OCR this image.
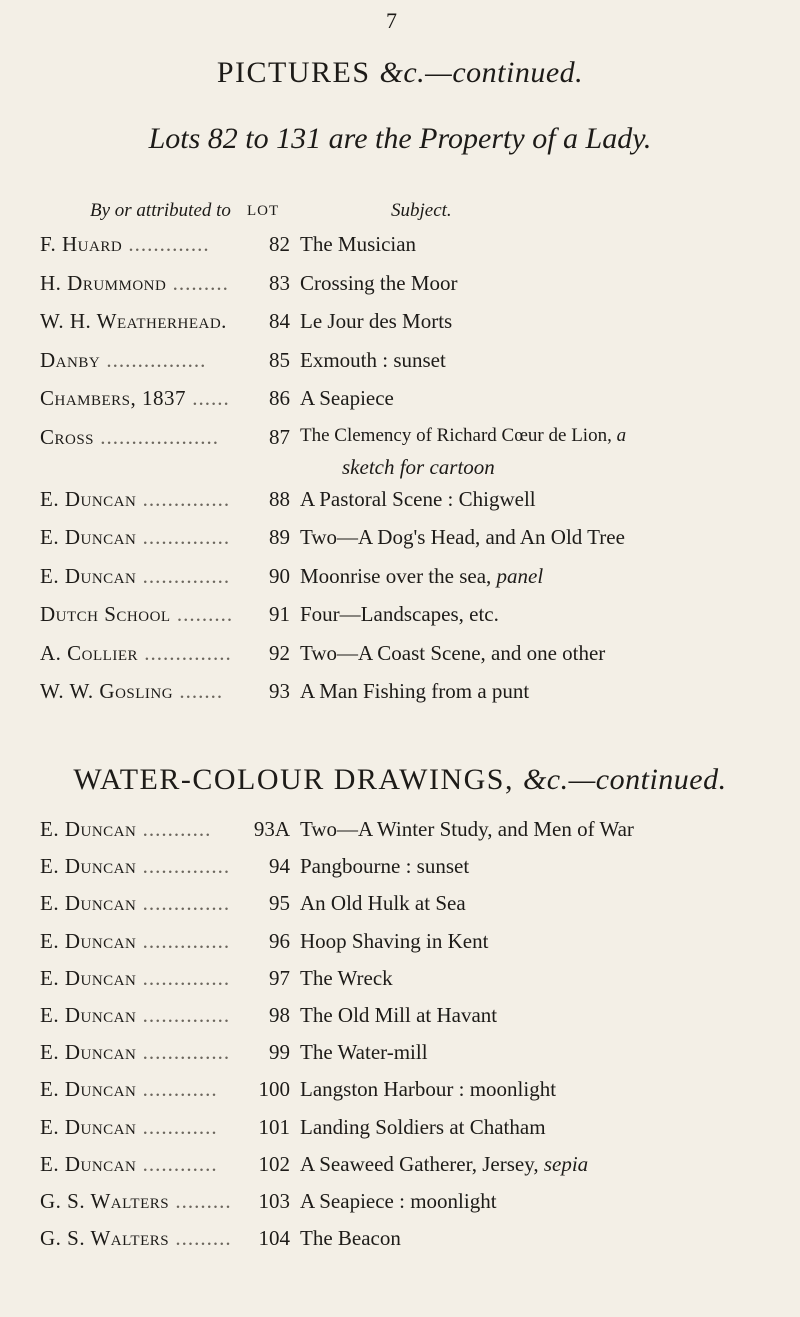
7
PICTURES &c.—continued.
Lots 82 to 131 are the Property of a Lady.
By or attributed to LOT	Subject.
F. Huard .............	82 The Musician
H. Drummond .........	83 Crossing the Moor
W. H. Weatherhead.	84 Le Jour des Morts
Danby ................	85 Exmouth : sunset
Chambers, 1837 ......	86 A Seapiece
Cross ...................	87 The Clemency of Richard Cœur de Lion, a
sketch for cartoon
E. Duncan ..............	88 A Pastoral Scene : Chigwell
E. Duncan ..............	89 Two—A Dog's Head, and An Old Tree
E. Duncan ..............	90 Moonrise over the sea, panel
Dutch School .........	91 Four—Landscapes, etc.
A. Collier ..............	92 Two—A Coast Scene, and one other
W. W. Gosling .......	93 A Man Fishing from a punt
WATER-COLOUR DRAWINGS, &c.—continued.
E. Duncan ........... 93A Two—A Winter Study, and Men of War
E. Duncan ..............	94 Pangbourne : sunset
E. Duncan ..............	95 An Old Hulk at Sea
E. Duncan ..............	96 Hoop Shaving in Kent
E. Duncan ..............	97 The Wreck
E. Duncan ..............	98 The Old Mill at Havant
E. Duncan ..............	99 The Water-mill
E. Duncan ............	100 Langston Harbour : moonlight
E. Duncan ............	101 Landing Soldiers at Chatham
E. Duncan ............	102 A Seaweed Gatherer, Jersey, sepia
G. S. Walters .........	103 A Seapiece : moonlight
G. S. Walters .........	104 The Beacon
